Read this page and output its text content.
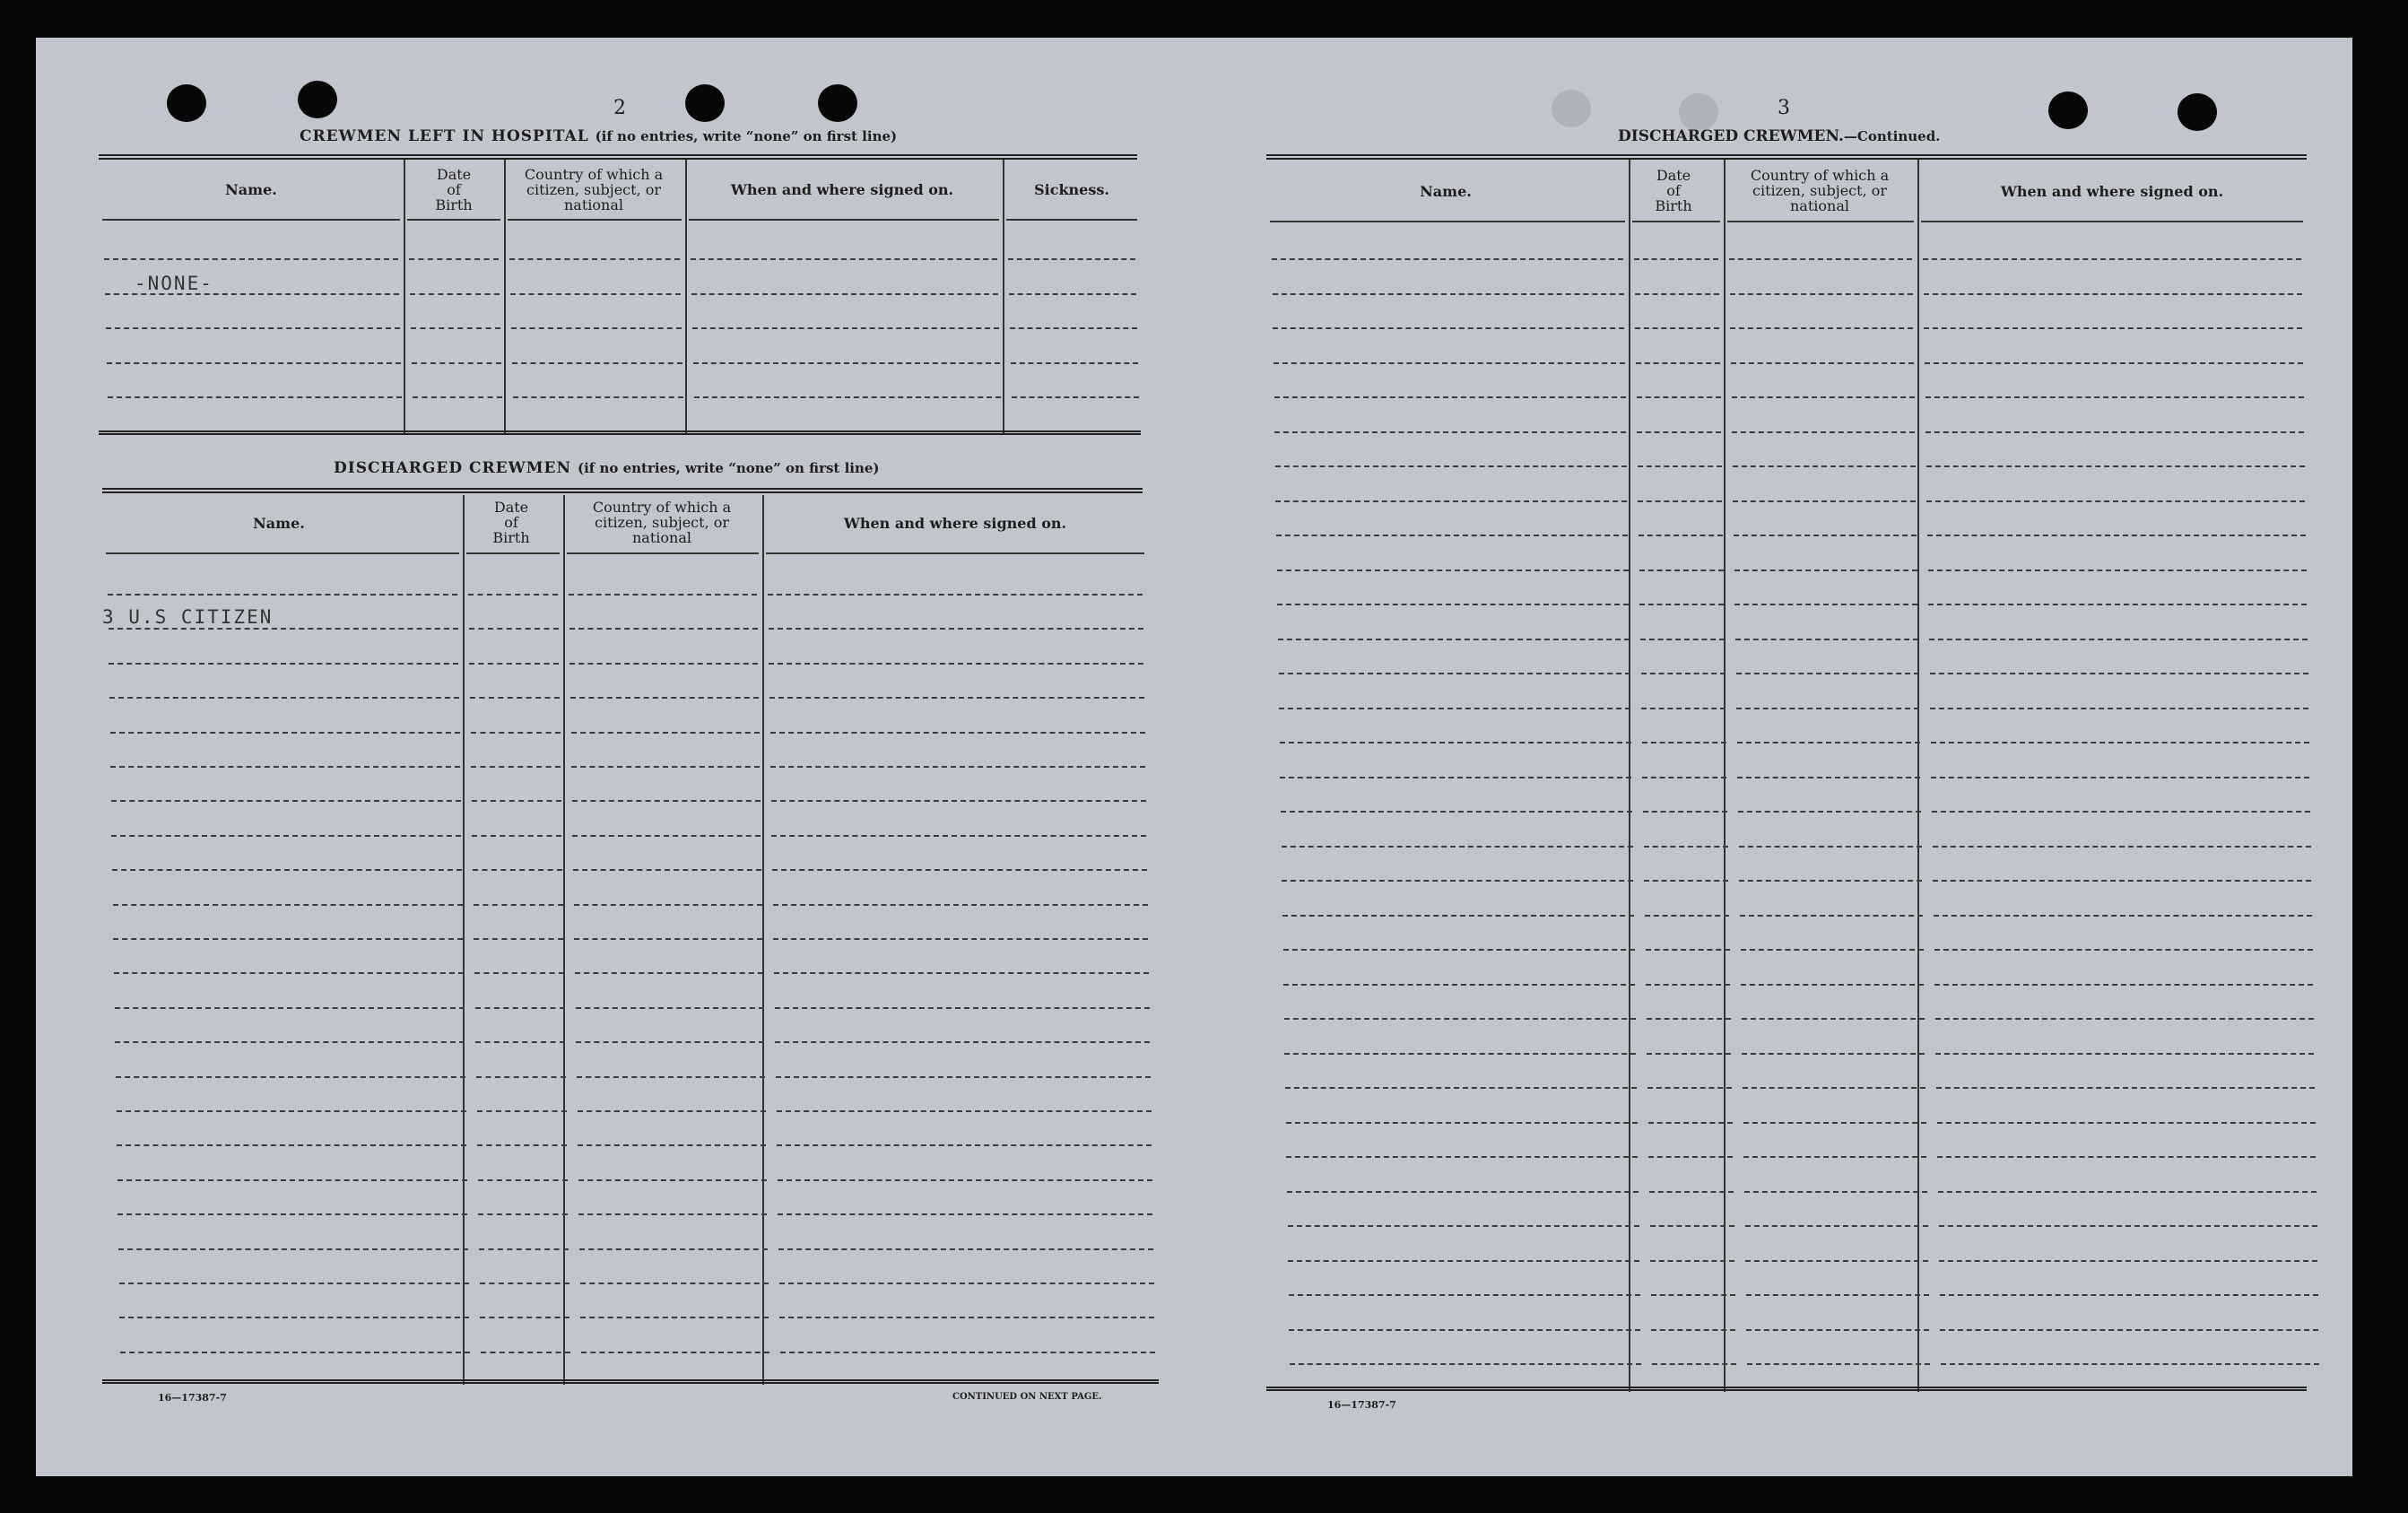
2
CREWMEN LEFT IN HOSPITAL (if no entries, write “none” on first line)
Name.
Date
of
Birth
Country of which a
citizen, subject, or
national
When and where signed on.	Sickness.
-NONE-
DISCHARGED CREWMEN (if no entries, write “none” on first line)
Name.
Date
of
Birth
Country of which a
citizen, subject, or
national
When and where signed on.
3 U.S CITIZEN
16—17387-7	CONTINUED ON NEXT PAGE.
3
DISCHARGED CREWMEN.—Continued.
Name.
Date
of
Birth
Country of which a
citizen, subject, or
national
When and where signed on.
16—17387-7
